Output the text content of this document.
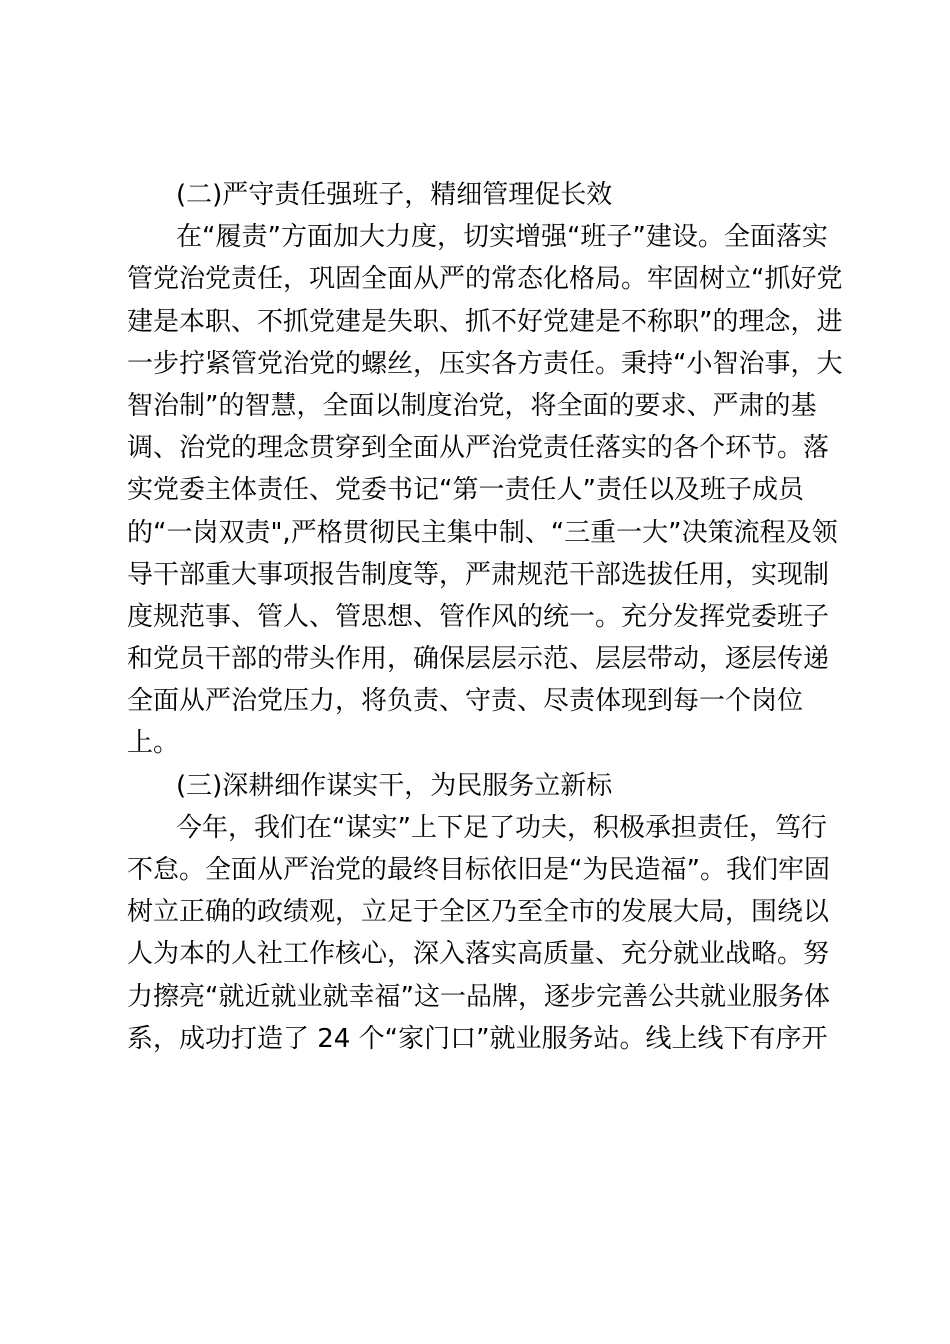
(二)严守责任强班子，精细管理促长效

在“履责”方面加大力度，切实增强“班子”建设。全面落实

管党治党责任，巩固全面从严的常态化格局。牢固树立“抓好党

建是本职、不抓党建是失职、抓不好党建是不称职”的理念，进

一步拧紧管党治党的螺丝，压实各方责任。秉持“小智治事，大

智治制”的智慧，全面以制度治党，将全面的要求、严肃的基

调、治党的理念贯穿到全面从严治党责任落实的各个环节。落

实党委主体责任、党委书记“第一责任人”责任以及班子成员

的“一岗双责",严格贯彻民主集中制、“三重一大”决策流程及领

导干部重大事项报告制度等，严肃规范干部选拔任用，实现制

度规范事、管人、管思想、管作风的统一。充分发挥党委班子

和党员干部的带头作用，确保层层示范、层层带动，逐层传递

全面从严治党压力，将负责、守责、尽责体现到每一个岗位

上。

(三)深耕细作谋实干，为民服务立新标

今年，我们在“谋实”上下足了功夫，积极承担责任，笃行

不怠。全面从严治党的最终目标依旧是“为民造福”。我们牢固

树立正确的政绩观，立足于全区乃至全市的发展大局，围绕以

人为本的人社工作核心，深入落实高质量、充分就业战略。努

力擦亮“就近就业就幸福”这一品牌，逐步完善公共就业服务体

系，成功打造了 24 个“家门口”就业服务站。线上线下有序开
